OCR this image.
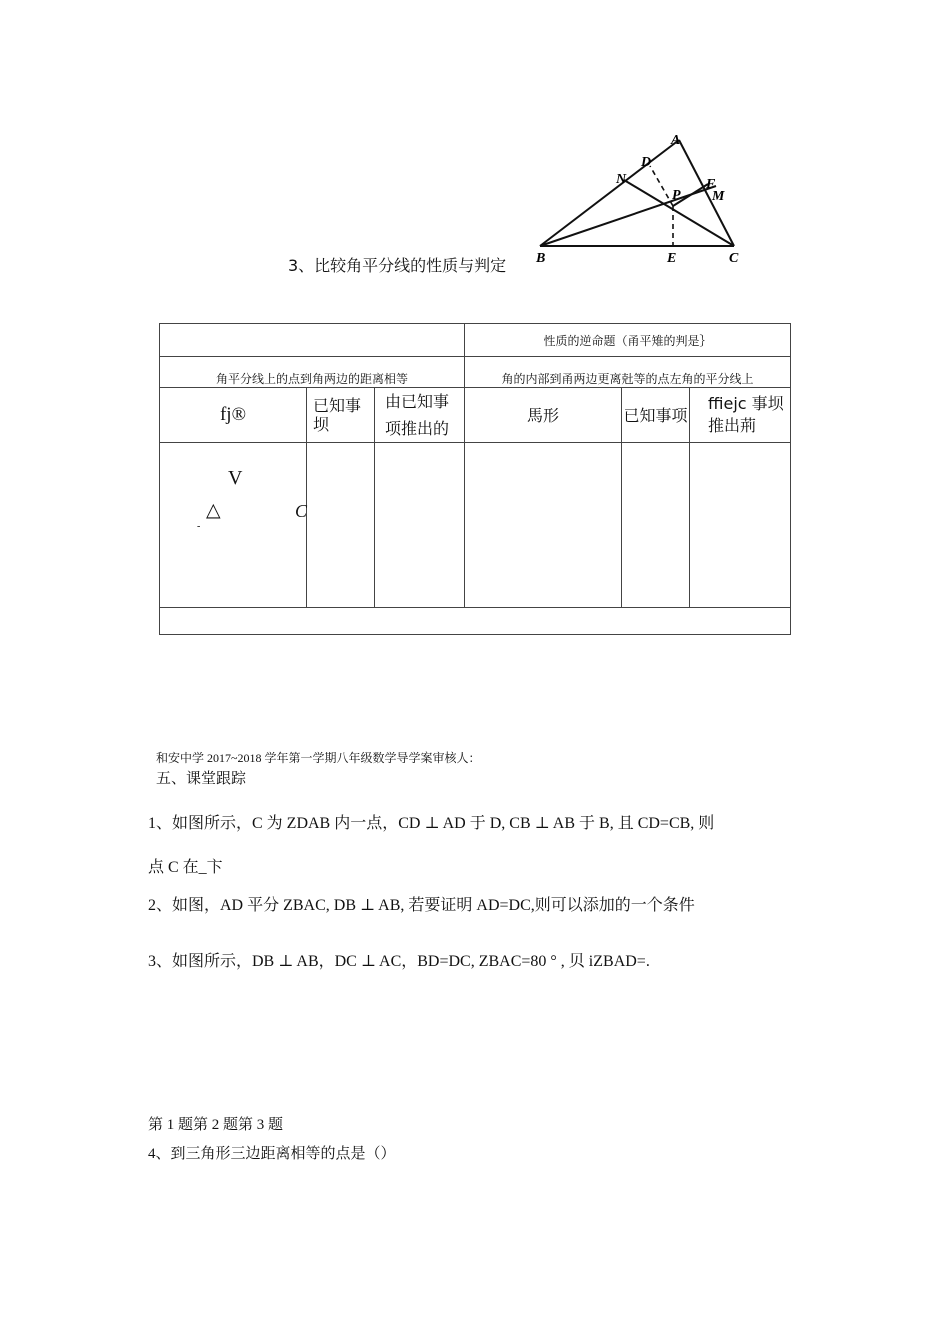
A
D
N
P
F
M
B	E	C
3、比较角平分线的性质与判定
			性质的逆命题（甬平雉的判是｝		
角平分线上的点到角两边的距离相等			角的内部到甬两边更离兙等的点左角的平分线上		
fj®	已知事坝	由已知事项推出的	馬形	已知事项	ffiejc 事坝推出荊

V
△ C
-					

和安中学 2017~2018 学年第一学期八年级数学导学案审核人：
五、课堂跟踪
1、如图所示，C 为 ZDAB 内一点，CD ⊥ AD 于 D, CB ⊥ AB 于 B, 且 CD=CB, 则
点 C 在_卞
2、如图，AD 平分 ZBAC, DB ⊥ AB, 若要证明 AD=DC,则可以添加的一个条件
3、如图所示，DB ⊥ AB，DC ⊥ AC，BD=DC, ZBAC=80 ° , 贝 iZBAD=.
第 1 题第 2 题第 3 题
4、到三角形三边距离相等的点是（）
